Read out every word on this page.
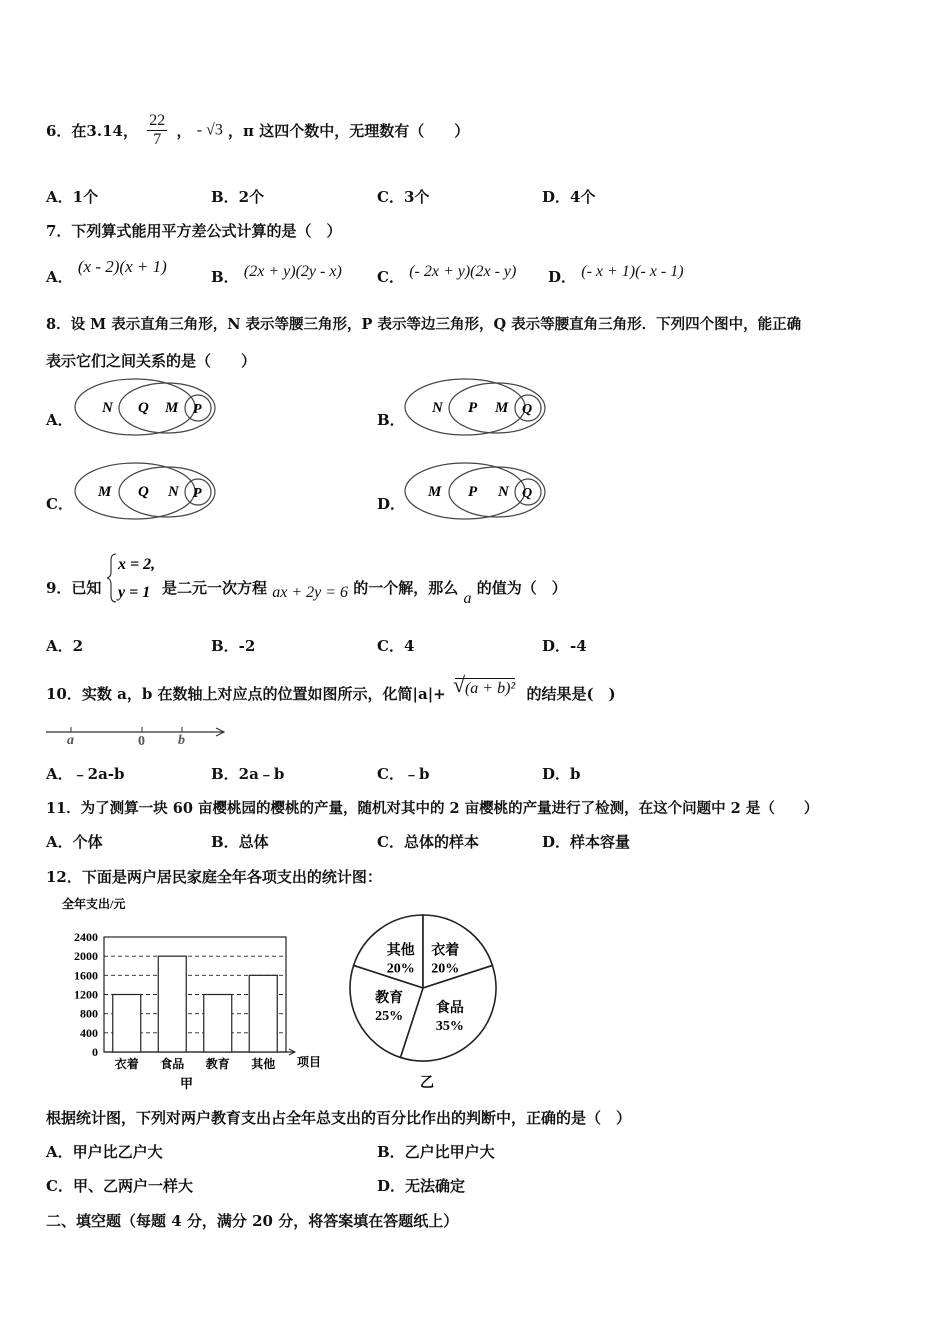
6．在3.14， $\frac{22}{7}$ ， - √3 ，π 这四个数中，无理数有（　　）
A．1个	B．2个	C．3个	D．4个
7．下列算式能用平方差公式计算的是（　）
A． (x - 2)(x + 1)
B． (2x + y)(2y - x) C． (- 2x + y)(2x - y) D． (- x + 1)(- x - 1)
8．设 M 表示直角三角形，N 表示等腰三角形，P 表示等边三角形，Q 表示等腰直角三角形．下列四个图中，能正确
表示它们之间关系的是（　　）
A．
N Q M P
B．
N P M Q
C．
M Q N P
D．
M P N Q
9．已知
x = 2,
y = 1 是二元一次方程 ax + 2y = 6 的一个解，那么 a 的值为（　）
A．2	B．-2	C．4	D．-4
10．实数 a，b 在数轴上对应点的位置如图所示，化简|a|+ √ (a + b)² 的结果是(　)
a	0 b
A．﹣2a-b	B．2a﹣b	C．﹣b	D．b
11．为了测算一块 60 亩樱桃园的樱桃的产量，随机对其中的 2 亩樱桃的产量进行了检测，在这个问题中 2 是（　　）
A．个体	B．总体	C．总体的样本	D．样本容量
12．下面是两户居民家庭全年各项支出的统计图：
全年支出/元
0
400
800
1200
1600
2000
2400
衣着 食品 教育 其他 项目
甲
其他
20%
衣着
20%
食品
35%
教育
25%
乙
根据统计图，下列对两户教育支出占全年总支出的百分比作出的判断中，正确的是（　）
A．甲户比乙户大	B．乙户比甲户大
C．甲、乙两户一样大	D．无法确定
二、填空题（每题 4 分，满分 20 分，将答案填在答题纸上）
